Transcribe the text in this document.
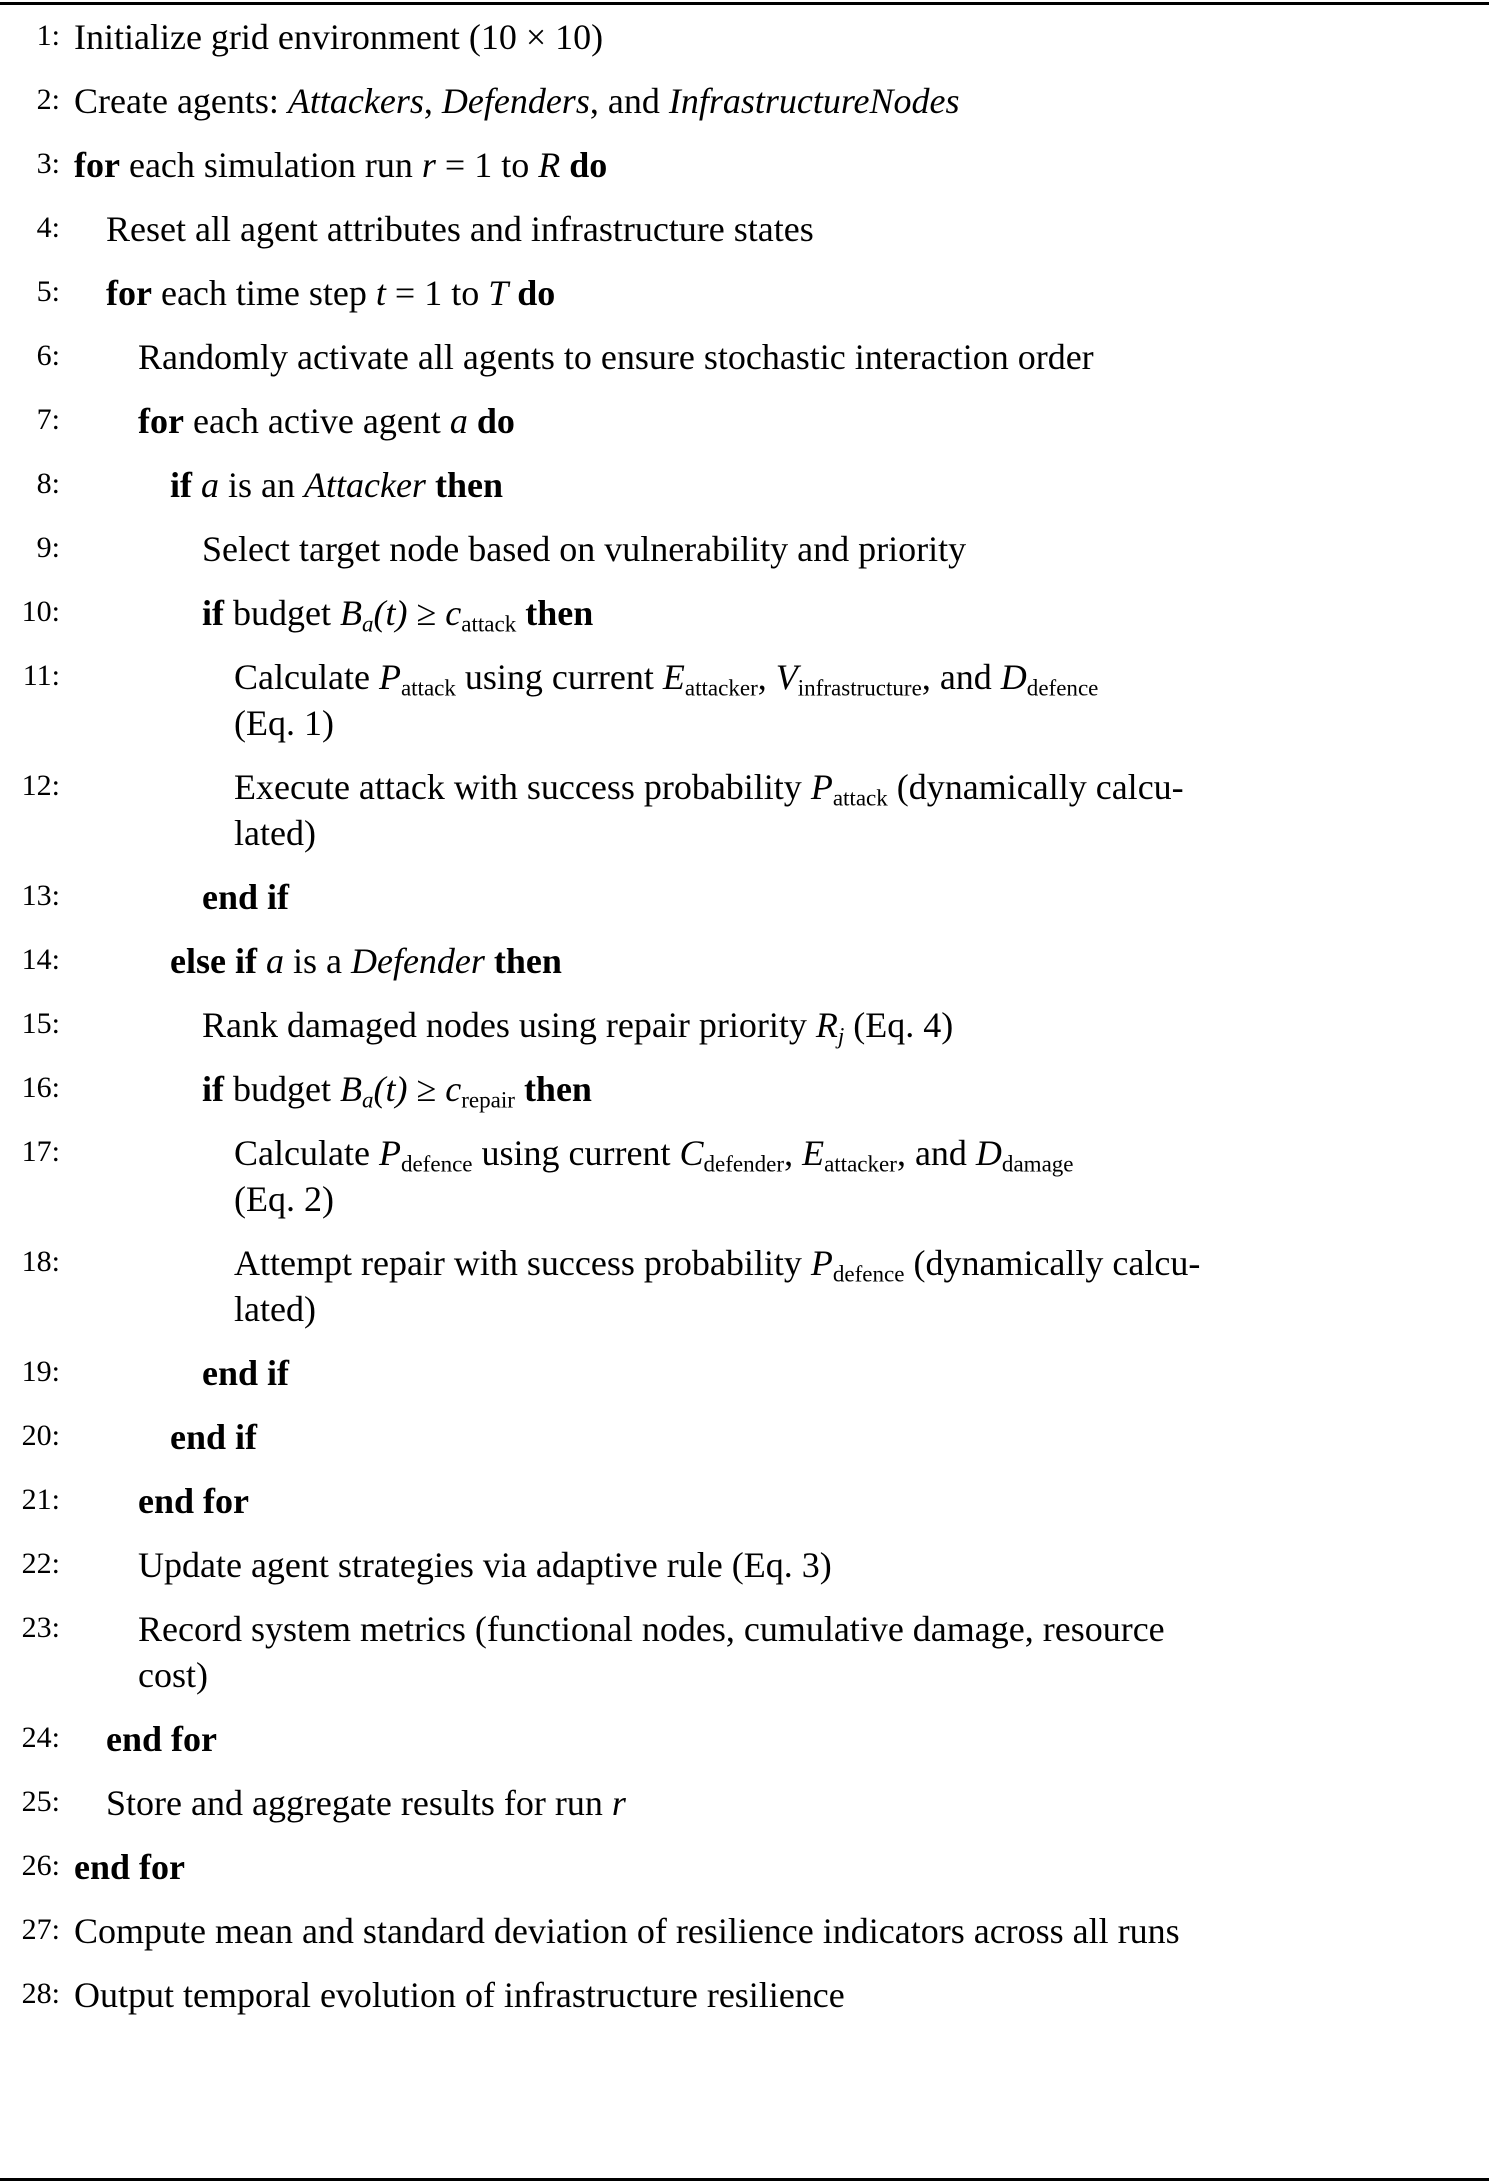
1: Initialize grid environment (10 × 10)
2: Create agents: Attackers, Defenders, and InfrastructureNodes
3: for each simulation run r = 1 to R do
4:	Reset all agent attributes and infrastructure states
5:	for each time step t = 1 to T do
6:	Randomly activate all agents to ensure stochastic interaction order
7:	for each active agent a do
8:	if a is an Attacker then
9:	Select target node based on vulnerability and priority
10:	if budget $B_a(t) \ge c_{attack}$ then
11:	Calculate $P_{attack}$ using current $E_{attacker}$, $V_{infrastructure}$, and $D_{defence}$
(Eq. 1)
12:	Execute attack with success probability $P_{attack}$ (dynamically calcu-
lated)
13:	end if
14:	else if a is a Defender then
15:	Rank damaged nodes using repair priority $R_j$ (Eq. 4)
16:	if budget $B_a(t) \ge c_{repair}$ then
17:	Calculate $P_{defence}$ using current $C_{defender}$, $E_{attacker}$, and $D_{damage}$
(Eq. 2)
18:	Attempt repair with success probability $P_{defence}$ (dynamically calcu-
lated)
19:	end if
20:	end if
21:	end for
22:	Update agent strategies via adaptive rule (Eq. 3)
23:	Record system metrics (functional nodes, cumulative damage, resource
cost)
24:	end for
25:	Store and aggregate results for run r
26: end for
27: Compute mean and standard deviation of resilience indicators across all runs
28: Output temporal evolution of infrastructure resilience
